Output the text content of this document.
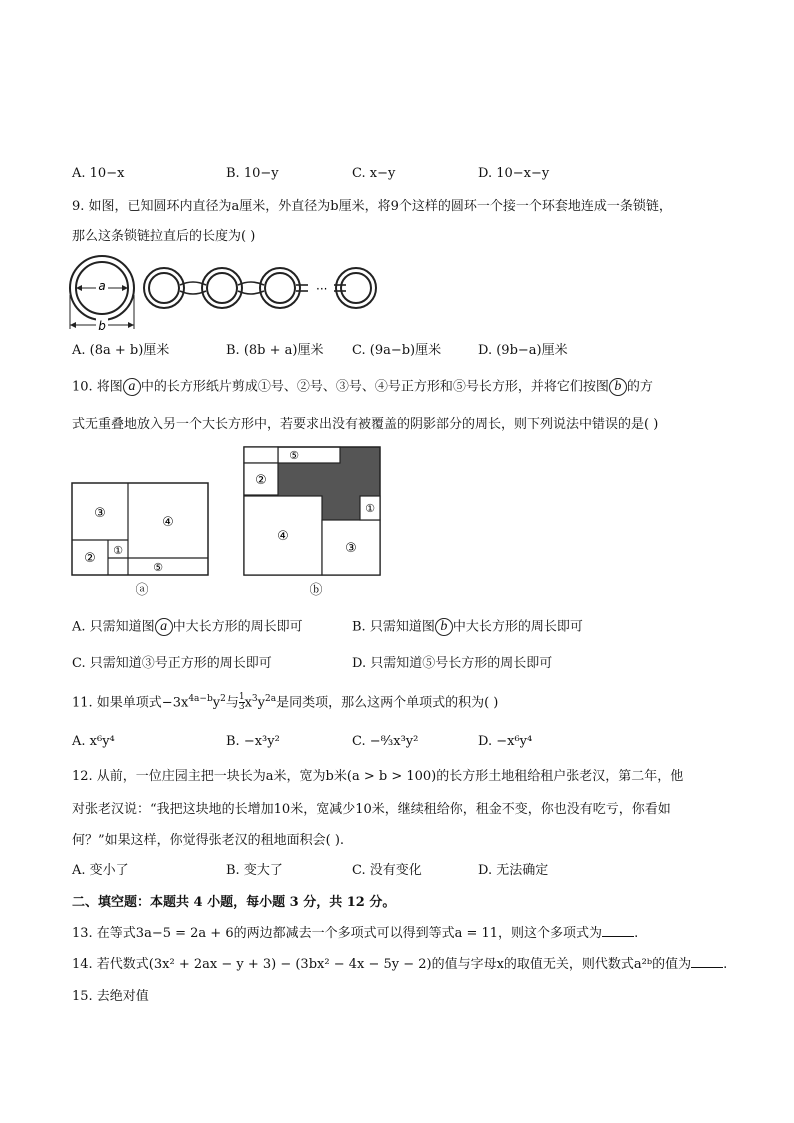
A. 10−x	B. 10−y	C. x−y	D. 10−x−y
9. 如图，已知圆环内直径为a厘米，外直径为b厘米，将9个这样的圆环一个接一个环套地连成一条锁链，
那么这条锁链拉直后的长度为( )
a
b
···
A. (8a + b)厘米	B. (8b + a)厘米 C. (9a−b)厘米	D. (9b−a)厘米
10. 将图 a 中的长方形纸片剪成①号、②号、③号、④号正方形和⑤号长方形，并将它们按图 b 的方
式无重叠地放入另一个大长方形中，若要求出没有被覆盖的阴影部分的周长，则下列说法中错误的是( )
③
④
②
①
⑤
ⓐ
⑤
②
①
④
③
ⓑ
A. 只需知道图 a 中大长方形的周长即可	B. 只需知道图 b 中大长方形的周长即可
C. 只需知道③号正方形的周长即可	D. 只需知道⑤号长方形的周长即可
11. 如果单项式$-3x^{4a-b}y^2$与 $\frac{1}{3} x^3y^{2a}$是同类项，那么这两个单项式的积为( )
A. x⁶y⁴	B. −x³y²	C. −⁸⁄₃x³y²	D. −x⁶y⁴
12. 从前，一位庄园主把一块长为a米，宽为b米(a > b > 100)的长方形土地租给租户张老汉，第二年，他
对张老汉说：“我把这块地的长增加10米，宽减少10米，继续租给你，租金不变，你也没有吃亏，你看如
何？”如果这样，你觉得张老汉的租地面积会( ).
A. 变小了	B. 变大了	C. 没有变化	D. 无法确定
二、填空题：本题共 4 小题，每小题 3 分，共 12 分。
13. 在等式3a−5 = 2a + 6的两边都减去一个多项式可以得到等式a = 11，则这个多项式为 .
14. 若代数式(3x² + 2ax − y + 3) − (3bx² − 4x − 5y − 2)的值与字母x的取值无关，则代数式a²ᵇ的值为 .
15. 去绝对值
